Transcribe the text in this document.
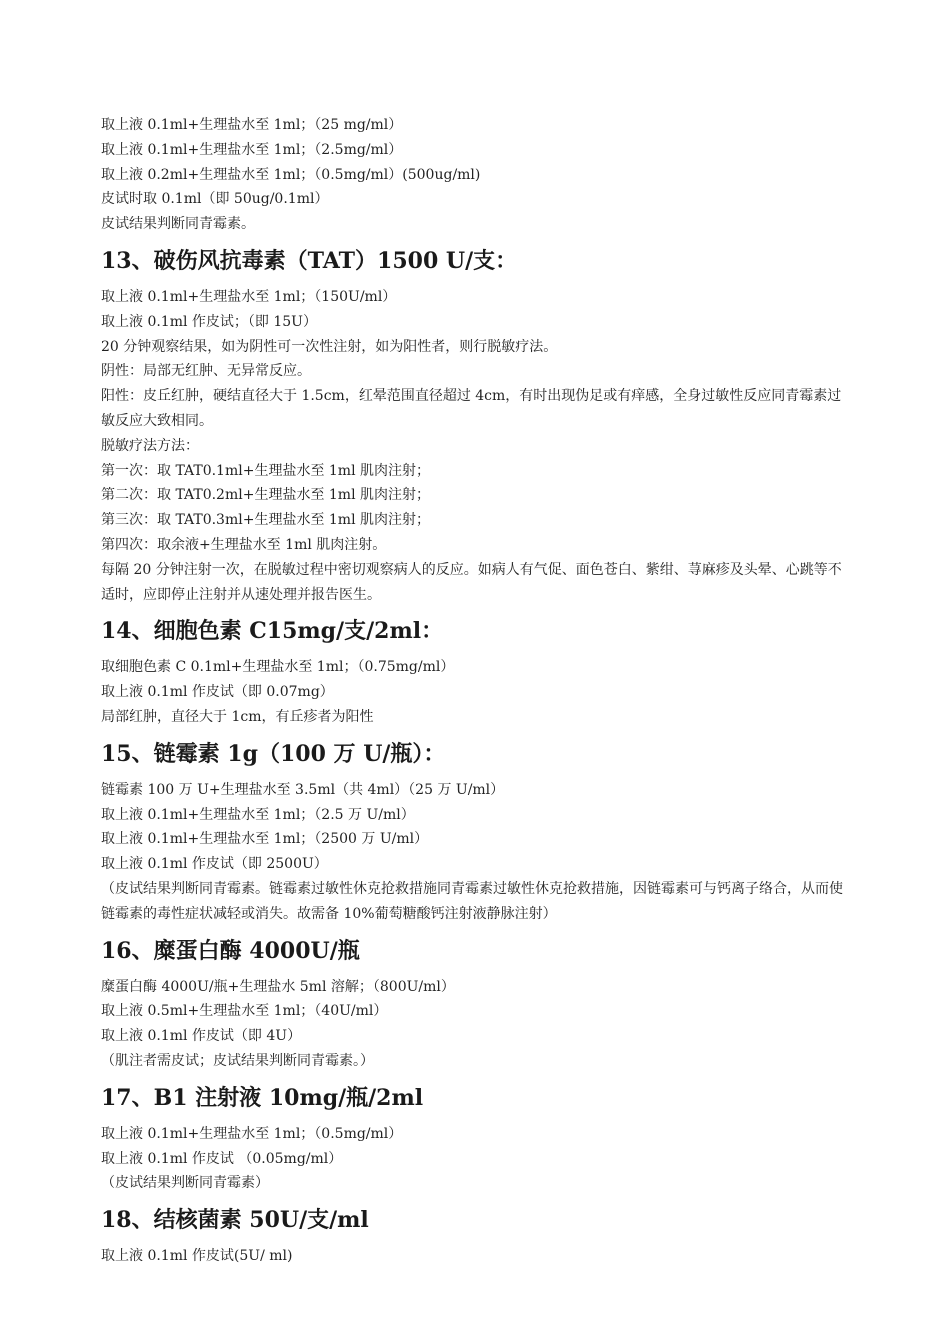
取上液 0.1ml+生理盐水至 1ml；（25 mg/ml）

取上液 0.1ml+生理盐水至 1ml；（2.5mg/ml）

取上液 0.2ml+生理盐水至 1ml；（0.5mg/ml）(500ug/ml)

皮试时取 0.1ml（即 50ug/0.1ml）

皮试结果判断同青霉素。

13、破伤风抗毒素（TAT）1500 U/支：

取上液 0.1ml+生理盐水至 1ml；（150U/ml）

取上液 0.1ml 作皮试；（即 15U）

20 分钟观察结果，如为阴性可一次性注射，如为阳性者，则行脱敏疗法。

阴性：局部无红肿、无异常反应。

阳性：皮丘红肿，硬结直径大于 1.5cm，红晕范围直径超过 4cm，有时出现伪足或有痒感，全身过敏性反应同青霉素过敏反应大致相同。

脱敏疗法方法：

第一次：取 TAT0.1ml+生理盐水至 1ml 肌肉注射；

第二次：取 TAT0.2ml+生理盐水至 1ml 肌肉注射；

第三次：取 TAT0.3ml+生理盐水至 1ml 肌肉注射；

第四次：取余液+生理盐水至 1ml 肌肉注射。

每隔 20 分钟注射一次，在脱敏过程中密切观察病人的反应。如病人有气促、面色苍白、紫绀、荨麻疹及头晕、心跳等不适时，应即停止注射并从速处理并报告医生。

14、细胞色素 C15mg/支/2ml：

取细胞色素 C 0.1ml+生理盐水至 1ml；（0.75mg/ml）

取上液 0.1ml 作皮试（即 0.07mg）

局部红肿，直径大于 1cm，有丘疹者为阳性

15、链霉素 1g（100 万 U/瓶）：

链霉素 100 万 U+生理盐水至 3.5ml（共 4ml）（25 万 U/ml）

取上液 0.1ml+生理盐水至 1ml；（2.5 万 U/ml）

取上液 0.1ml+生理盐水至 1ml；（2500 万 U/ml）

取上液 0.1ml 作皮试（即 2500U）

（皮试结果判断同青霉素。链霉素过敏性休克抢救措施同青霉素过敏性休克抢救措施，因链霉素可与钙离子络合，从而使链霉素的毒性症状减轻或消失。故需备 10%葡萄糖酸钙注射液静脉注射）

16、糜蛋白酶 4000U/瓶

糜蛋白酶 4000U/瓶+生理盐水 5ml 溶解；（800U/ml）

取上液 0.5ml+生理盐水至 1ml；（40U/ml）

取上液 0.1ml 作皮试（即 4U）

（肌注者需皮试；皮试结果判断同青霉素。）

17、B1 注射液 10mg/瓶/2ml

取上液 0.1ml+生理盐水至 1ml；（0.5mg/ml）

取上液 0.1ml 作皮试 （0.05mg/ml）

（皮试结果判断同青霉素）

18、结核菌素 50U/支/ml

取上液 0.1ml 作皮试(5U/ ml)
